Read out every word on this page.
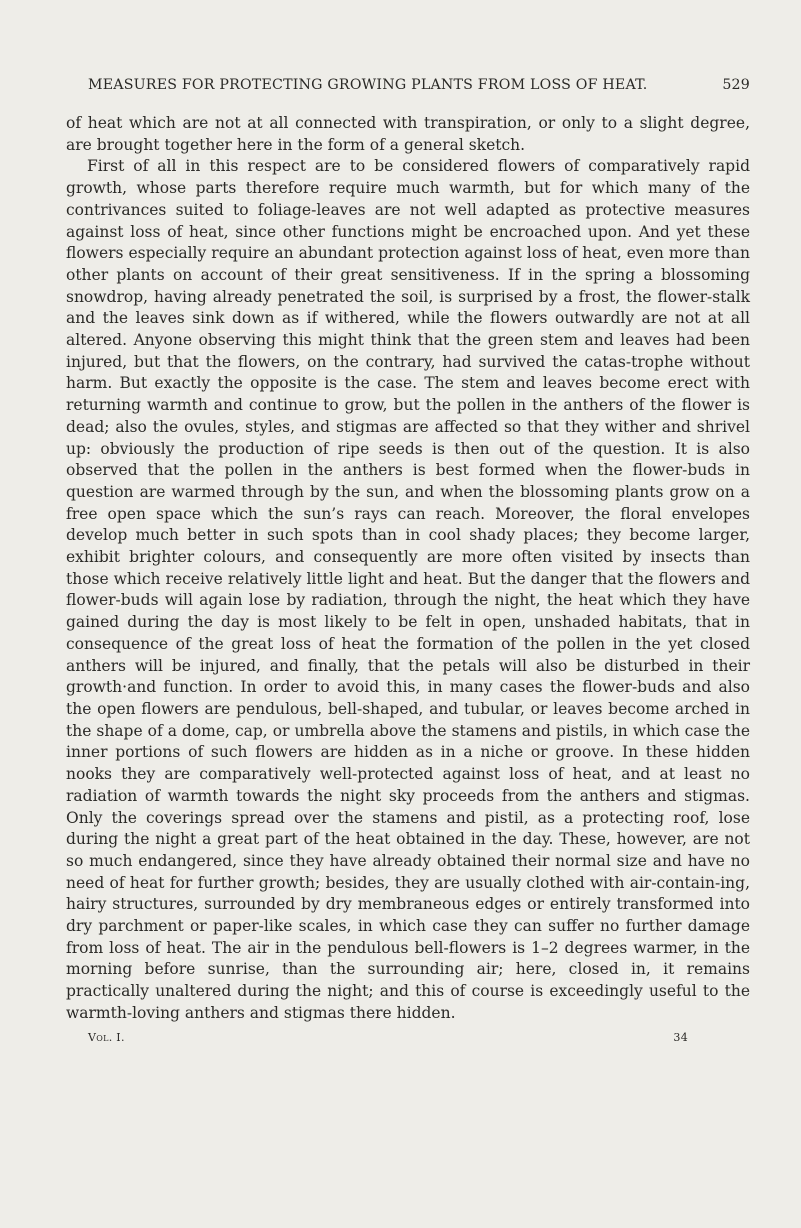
MEASURES FOR PROTECTING GROWING PLANTS FROM LOSS OF HEAT.	529

of heat which are not at all connected with transpiration, or only to a slight degree, are brought together here in the form of a general sketch.

First of all in this respect are to be considered flowers of comparatively rapid growth, whose parts therefore require much warmth, but for which many of the contrivances suited to foliage-leaves are not well adapted as protective measures against loss of heat, since other functions might be encroached upon. And yet these flowers especially require an abundant protection against loss of heat, even more than other plants on account of their great sensitiveness. If in the spring a blossoming snowdrop, having already penetrated the soil, is surprised by a frost, the flower-stalk and the leaves sink down as if withered, while the flowers outwardly are not at all altered. Anyone observing this might think that the green stem and leaves had been injured, but that the flowers, on the contrary, had survived the catas-trophe without harm. But exactly the opposite is the case. The stem and leaves become erect with returning warmth and continue to grow, but the pollen in the anthers of the flower is dead; also the ovules, styles, and stigmas are affected so that they wither and shrivel up: obviously the production of ripe seeds is then out of the question. It is also observed that the pollen in the anthers is best formed when the flower-buds in question are warmed through by the sun, and when the blossoming plants grow on a free open space which the sun’s rays can reach. Moreover, the floral envelopes develop much better in such spots than in cool shady places; they become larger, exhibit brighter colours, and consequently are more often visited by insects than those which receive relatively little light and heat. But the danger that the flowers and flower-buds will again lose by radiation, through the night, the heat which they have gained during the day is most likely to be felt in open, unshaded habitats, that in consequence of the great loss of heat the formation of the pollen in the yet closed anthers will be injured, and finally, that the petals will also be disturbed in their growth·and function. In order to avoid this, in many cases the flower-buds and also the open flowers are pendulous, bell-shaped, and tubular, or leaves become arched in the shape of a dome, cap, or umbrella above the stamens and pistils, in which case the inner portions of such flowers are hidden as in a niche or groove. In these hidden nooks they are comparatively well-protected against loss of heat, and at least no radiation of warmth towards the night sky proceeds from the anthers and stigmas. Only the coverings spread over the stamens and pistil, as a protecting roof, lose during the night a great part of the heat obtained in the day. These, however, are not so much endangered, since they have already obtained their normal size and have no need of heat for further growth; besides, they are usually clothed with air-contain-ing, hairy structures, surrounded by dry membraneous edges or entirely transformed into dry parchment or paper-like scales, in which case they can suffer no further damage from loss of heat. The air in the pendulous bell-flowers is 1–2 degrees warmer, in the morning before sunrise, than the surrounding air; here, closed in, it remains practically unaltered during the night; and this of course is exceedingly useful to the warmth-loving anthers and stigmas there hidden.

Vol. I.	34
